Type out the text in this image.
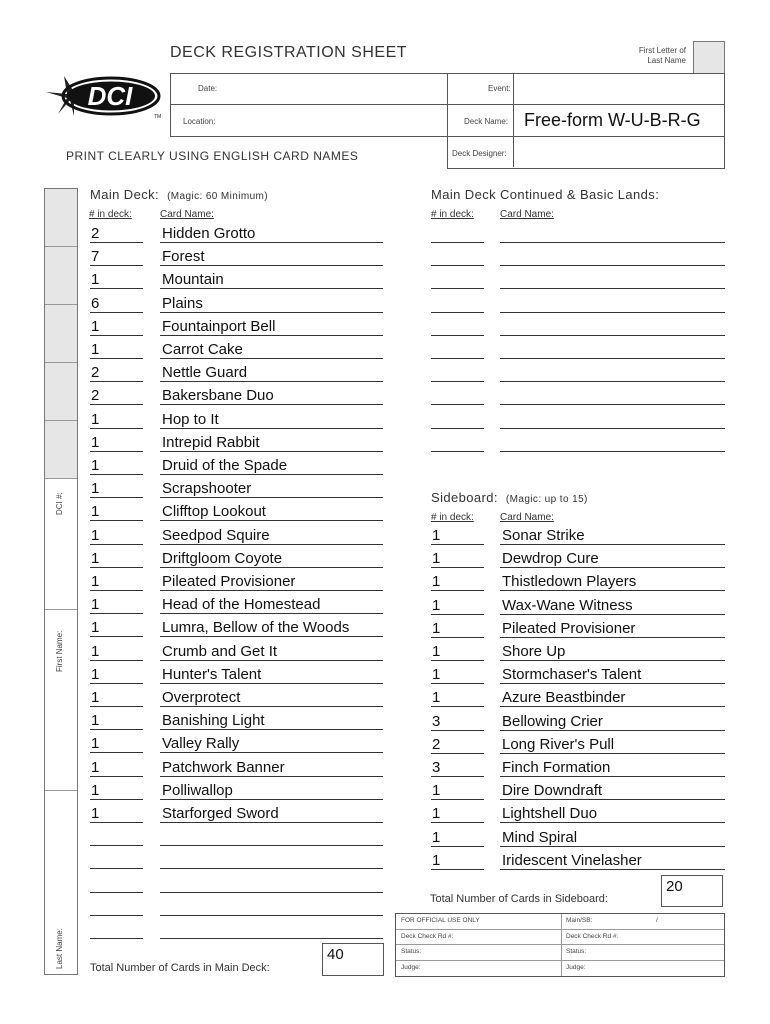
DECK REGISTRATION SHEET	First Letter of
Last Name
DCI
TM
PRINT CLEARLY USING ENGLISH CARD NAMES
Date:
Location:
Event:
Deck Name: Free-form W-U-B-R-G
Deck Designer:
DCI #:
First Name:
Last Name:
Main Deck: (Magic: 60 Minimum)
# in deck:	Card Name:
2	Hidden Grotto
7	Forest
1	Mountain
6	Plains
1	Fountainport Bell
1	Carrot Cake
2	Nettle Guard
2	Bakersbane Duo
1	Hop to It
1	Intrepid Rabbit
1	Druid of the Spade
1	Scrapshooter
1	Clifftop Lookout
1	Seedpod Squire
1	Driftgloom Coyote
1	Pileated Provisioner
1	Head of the Homestead
1	Lumra, Bellow of the Woods
1	Crumb and Get It
1	Hunter's Talent
1	Overprotect
1	Banishing Light
1	Valley Rally
1	Patchwork Banner
1	Polliwallop
1	Starforged Sword
Total Number of Cards in Main Deck:
40
Main Deck Continued & Basic Lands:
# in deck:	Card Name:
Sideboard: (Magic: up to 15)
# in deck:	Card Name:
1	Sonar Strike
1	Dewdrop Cure
1	Thistledown Players
1	Wax-Wane Witness
1	Pileated Provisioner
1	Shore Up
1	Stormchaser's Talent
1	Azure Beastbinder
3	Bellowing Crier
2	Long River's Pull
3	Finch Formation
1	Dire Downdraft
1	Lightshell Duo
1	Mind Spiral
1	Iridescent Vinelasher
Total Number of Cards in Sideboard:
20
FOR OFFICIAL USE ONLY	Main/SB:	/
Deck Check Rd #:	Deck Check Rd #:
Status:	Status:
Judge:	Judge:
